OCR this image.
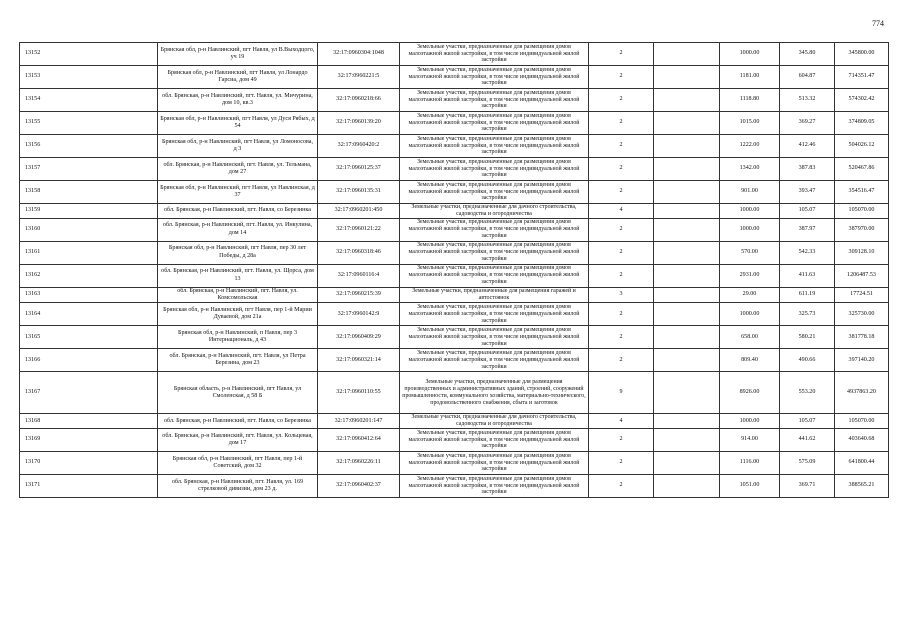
774
13152	Брянская обл, р-н Навлинский, пгт Навля, ул В.Выходцого, уч 19	32:17:0960304:1048	Земельные участки, предназначенные для размещения домов малоэтажной жилой застройки, в том числе индивидуальной жилой застройки	2		1000.00	345.80	345800.00
13153	Брянская обл, р-н Навлинский, пгт Навля, ул Лонардо Гарсиа, дом 49	32:17:0960221:5	Земельные участки, предназначенные для размещения домов малоэтажной жилой застройки, в том числе индивидуальной жилой застройки	2		1181.00	604.87	714351.47
13154	обл. Брянская, р-н Навлинский, пгт. Навля, ул. Мичурина, дом 10, кв.3	32:17:0960218:66	Земельные участки, предназначенные для размещения домов малоэтажной жилой застройки, в том числе индивидуальной жилой застройки	2		1118.80	513.32	574302.42
13155	Брянская обл, р-н Навлинский, пгт Навля, ул Дуся Рябых, д 54	32:17:0960139:20	Земельные участки, предназначенные для размещения домов малоэтажной жилой застройки, в том числе индивидуальной жилой застройки	2		1015.00	369.27	374809.05
13156	Брянская обл, р-н Навлинский, пгт Навля, ул Ломоносова, д 3	32:17:0960420:2	Земельные участки, предназначенные для размещения домов малоэтажной жилой застройки, в том числе индивидуальной жилой застройки	2		1222.00	412.46	504026.12
13157	обл. Брянская, р-н Навлинский, пгт. Навля, ул. Тельмана, дом 27	32:17:0960125:37	Земельные участки, предназначенные для размещения домов малоэтажной жилой застройки, в том числе индивидуальной жилой застройки	2		1342.00	387.83	520467.86
13158	Брянская обл, р-н Навлинский, пгт Навля, ул Навлинская, д 37	32:17:0960135:31	Земельные участки, предназначенные для размещения домов малоэтажной жилой застройки, в том числе индивидуальной жилой застройки	2		901.00	393.47	354516.47
13159	обл. Брянская, р-н Павлинский, пгт. Навля, со Березинка	32:17:0960201:450	Земельные участки, предназначенные для дачного строительства, садоводства и огородничества	4		1000.00	105.07	105070.00
13160	обл. Брянская, р-н Навлинский, пгт. Навля, ул. Инкулина, дом 14	32:17:0960121:22	Земельные участки, предназначенные для размещения домов малоэтажной жилой застройки, в том числе индивидуальной жилой застройки	2		1000.00	387.97	387970.00
13161	Брянская обл, р-н Навлинский, пгт Навля, пер 30 лет Победы, д 28а	32:17:0960318:46	Земельные участки, предназначенные для размещения домов малоэтажной жилой застройки, в том числе индивидуальной жилой застройки	2		570.00	542.33	309128.10
13162	обл. Брянская, р-н Навлинский, пгт. Навля, ул. Щорса, дом 13	32:17:0960116:4	Земельные участки, предназначенные для размещения домов малоэтажной жилой застройки, в том числе индивидуальной жилой застройки	2		2931.00	411.63	1206487.53
13163	обл. Брянская, р-н Навлинский, пгт. Навля, ул. Комсомольская	32:17:0960215:39	Земельные участки, предназначенные для размещения гаражей и автостоянок	3		29.00	611.19	17724.51
13164	Брянская обл, р-н Навлинский, пгт Навля, пер 1-й Марии Дуваевой, дом 21а	32:17:0960142:9	Земельные участки, предназначенные для размещения домов малоэтажной жилой застройки, в том числе индивидуальной жилой застройки	2		1000.00	325.73	325730.00
13165	Брянская обл, р-н Навлинский, п Навля, пер 3 Интернациональ, д 43	32:17:0960409:29	Земельные участки, предназначенные для размещения домов малоэтажной жилой застройки, в том числе индивидуальной жилой застройки	2		658.00	580.21	381778.18
13166	обл. Брянская, р-н Навлинский, пгт. Навля, ул Петра Березина, дом 23	32:17:0960321:14	Земельные участки, предназначенные для размещения домов малоэтажной жилой застройки, в том числе индивидуальной жилой застройки	2		809.40	490.66	397140.20
13167	Брянская область, р-н Навлинский, пгт Навля, ул Смоленская, д 58 Б	32:17:0960110:55	Земельные участки, предназначенные для размещения производственных и административных зданий, строений, сооружений промышленности, коммунального хозяйства, материально-технического, продовольственного снабжения, сбыта и заготовок	9		8926.00	553.20	4937863.20
13168	обл. Брянская, р-н Павлинский, пгт. Навля, со Березинка	32:17:0960201:147	Земельные участки, предназначенные для дачного строительства, садоводства и огородничества	4		1000.00	105.07	105070.00
13169	обл. Брянская, р-н Навлинский, пгт. Навля, ул. Кольцевая, дом 17	32:17:0960412:64	Земельные участки, предназначенные для размещения домов малоэтажной жилой застройки, в том числе индивидуальной жилой застройки	2		914.00	441.62	403640.68
13170	Брянская обл, р-н Навлинский, пгт Навля, пер 1-й Советский, дом 32	32:17:0960226:11	Земельные участки, предназначенные для размещения домов малоэтажной жилой застройки, в том числе индивидуальной жилой застройки	2		1116.00	575.09	641800.44
13171	обл. Брянская, р-н Навлинский, пгт. Навля, ул. 169 стрелковой дивизии, дом 23 д.	32:17:0960402:37	Земельные участки, предназначенные для размещения домов малоэтажной жилой застройки, в том числе индивидуальной жилой застройки	2		1051.00	369.71	388565.21
